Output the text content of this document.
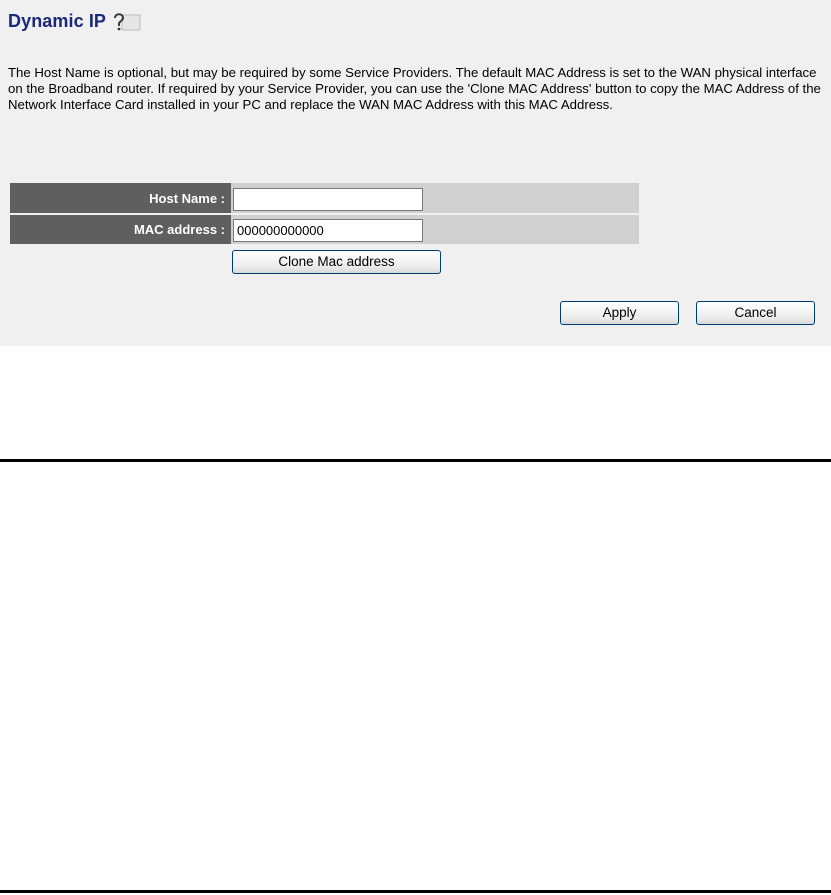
Dynamic IP

The Host Name is optional, but may be required by some Service Providers. The default MAC Address is set to the WAN physical interface on the Broadband router. If required by your Service Provider, you can use the 'Clone MAC Address' button to copy the MAC Address of the Network Interface Card installed in your PC and replace the WAN MAC Address with this MAC Address.

Host Name :	

MAC address :	
000000000000
Clone Mac address
Apply	Cancel
